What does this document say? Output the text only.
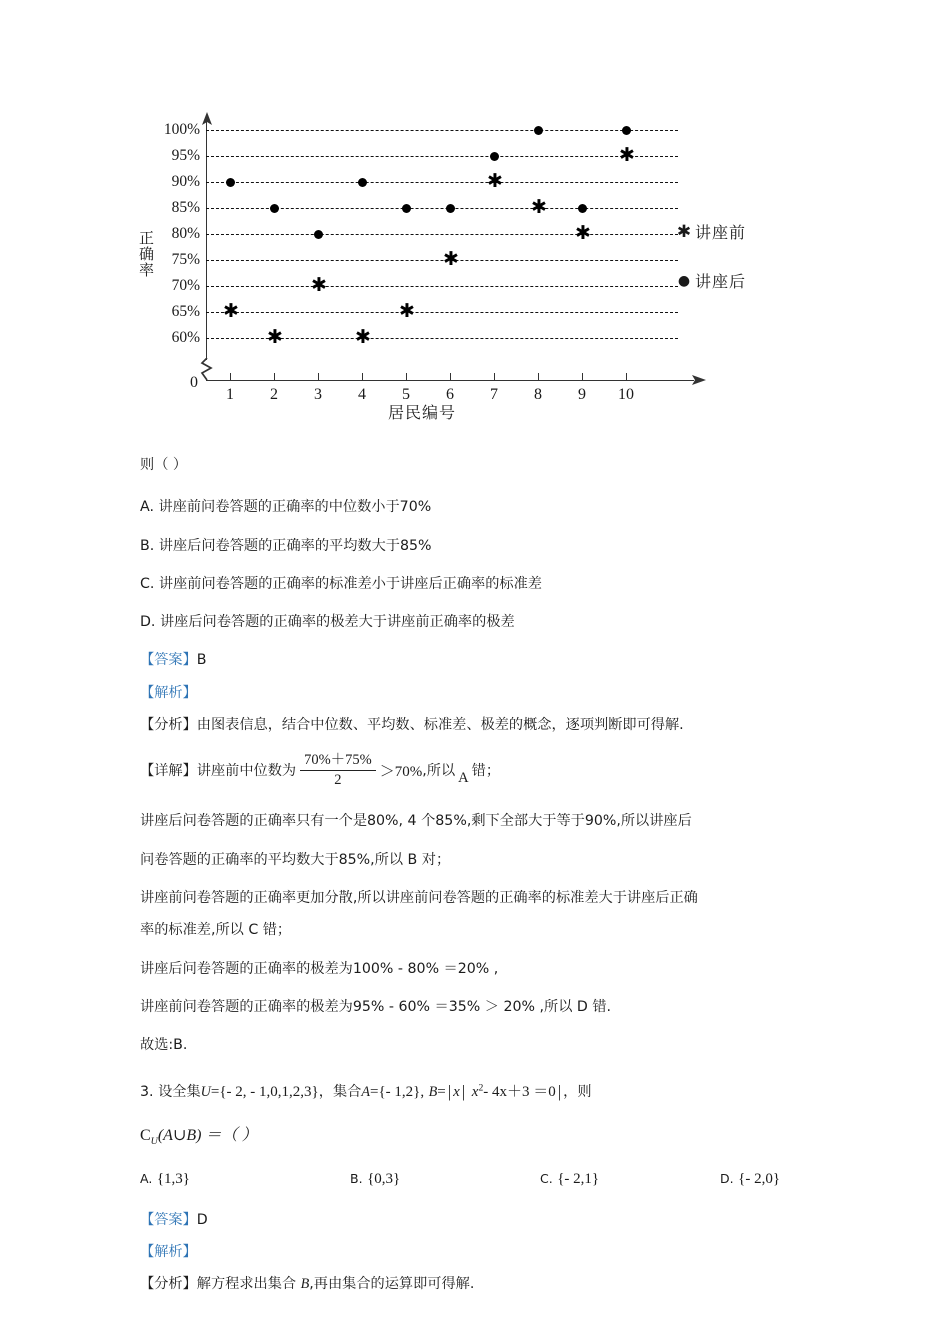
正确率
0
居民编号
100%
95%
90%
85%
80%
75%
70%
65%
60%
1	2	3	4	5	6	7	8	9	10
✱
✱
✱
✱
✱
✱
✱
✱
✱
✱
✱ 讲座前
● 讲座后
则（ ）
A. 讲座前问卷答题的正确率的中位数小于70%
B. 讲座后问卷答题的正确率的平均数大于85%
C. 讲座前问卷答题的正确率的标准差小于讲座后正确率的标准差
D. 讲座后问卷答题的正确率的极差大于讲座前正确率的极差
【答案】B
【解析】
【分析】由图表信息，结合中位数、平均数、标准差、极差的概念，逐项判断即可得解.
【详解】 讲座前中位数为 $\frac{70\%+75\%}{2} >70\%$ ,所以 A 错；
讲座后问卷答题的正确率只有一个是80%, 4 个85%,剩下全部大于等于90%,所以讲座后
问卷答题的正确率的平均数大于85%,所以 B 对；
讲座前问卷答题的正确率更加分散,所以讲座前问卷答题的正确率的标准差大于讲座后正确
率的标准差,所以 C 错；
讲座后问卷答题的正确率的极差为100% - 80% ＝20% ,
讲座前问卷答题的正确率的极差为95% - 60% ＝35% ＞ 20% ,所以 D 错.
故选:B.
3. 设全集U={- 2, - 1,0,1,2,3}，集合A={- 1,2}, B= | x | $x^2-$ 4x＋3 ＝0 | ，则
$C_U(A\cup B)$ ＝（ ）
A. {1,3}	B. {0,3}	C. {- 2,1}	D. {- 2,0}
【答案】D
【解析】
【分析】解方程求出集合 B,再由集合的运算即可得解.
